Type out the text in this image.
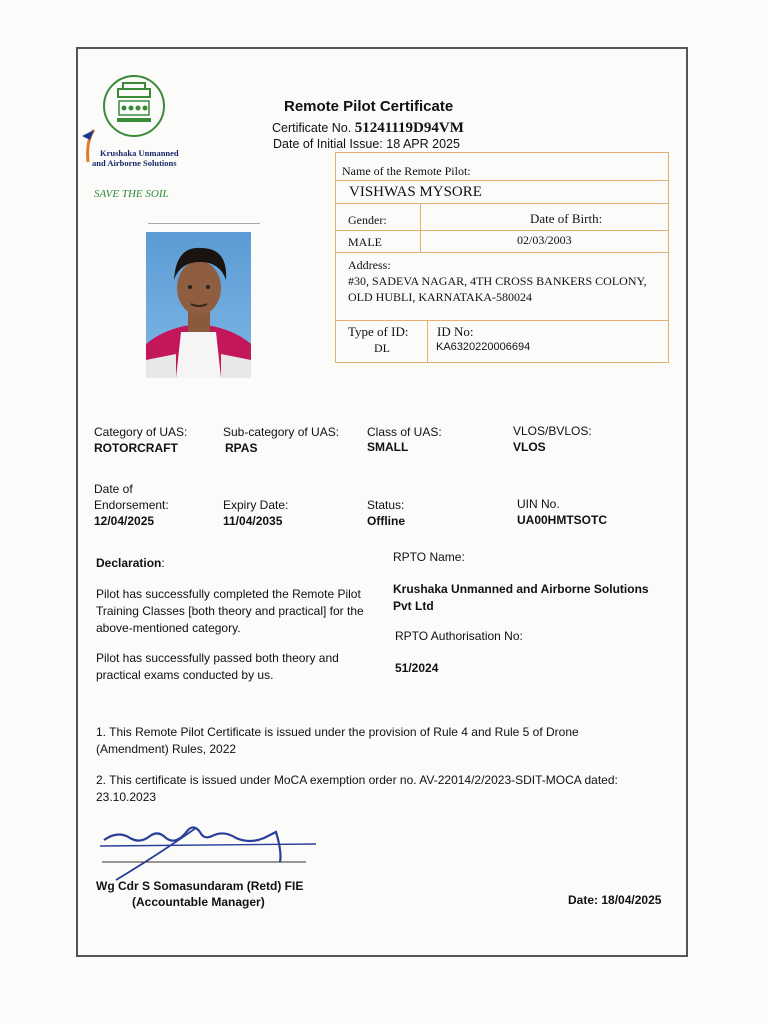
Krushaka Unmanned
and Airborne Solutions
SAVE THE SOIL
Remote Pilot Certificate
Certificate No. 51241119D94VM
Date of Initial Issue: 18 APR 2025
Name of the Remote Pilot:
VISHWAS MYSORE
Gender:	Date of Birth:
MALE	02/03/2003
Address:
#30, SADEVA NAGAR, 4TH CROSS BANKERS COLONY,
OLD HUBLI, KARNATAKA-580024
Type of ID:
DL
ID No:
KA6320220006694
Category of UAS:
ROTORCRAFT
Sub-category of UAS:
RPAS
Class of UAS:
SMALL
VLOS/BVLOS:
VLOS
Date of
Endorsement:
12/04/2025
Expiry Date:
11/04/2035
Status:
Offline
UIN No.
UA00HMTSOTC
Declaration:
Pilot has successfully completed the Remote Pilot
Training Classes [both theory and practical] for the
above-mentioned category.
Pilot has successfully passed both theory and
practical exams conducted by us.
RPTO Name:
Krushaka Unmanned and Airborne Solutions
Pvt Ltd
RPTO Authorisation No:
51/2024
1. This Remote Pilot Certificate is issued under the provision of Rule 4 and Rule 5 of Drone
(Amendment) Rules, 2022
2. This certificate is issued under MoCA exemption order no. AV-22014/2/2023-SDIT-MOCA dated:
23.10.2023
Wg Cdr S Somasundaram (Retd) FIE
(Accountable Manager)	Date: 18/04/2025
